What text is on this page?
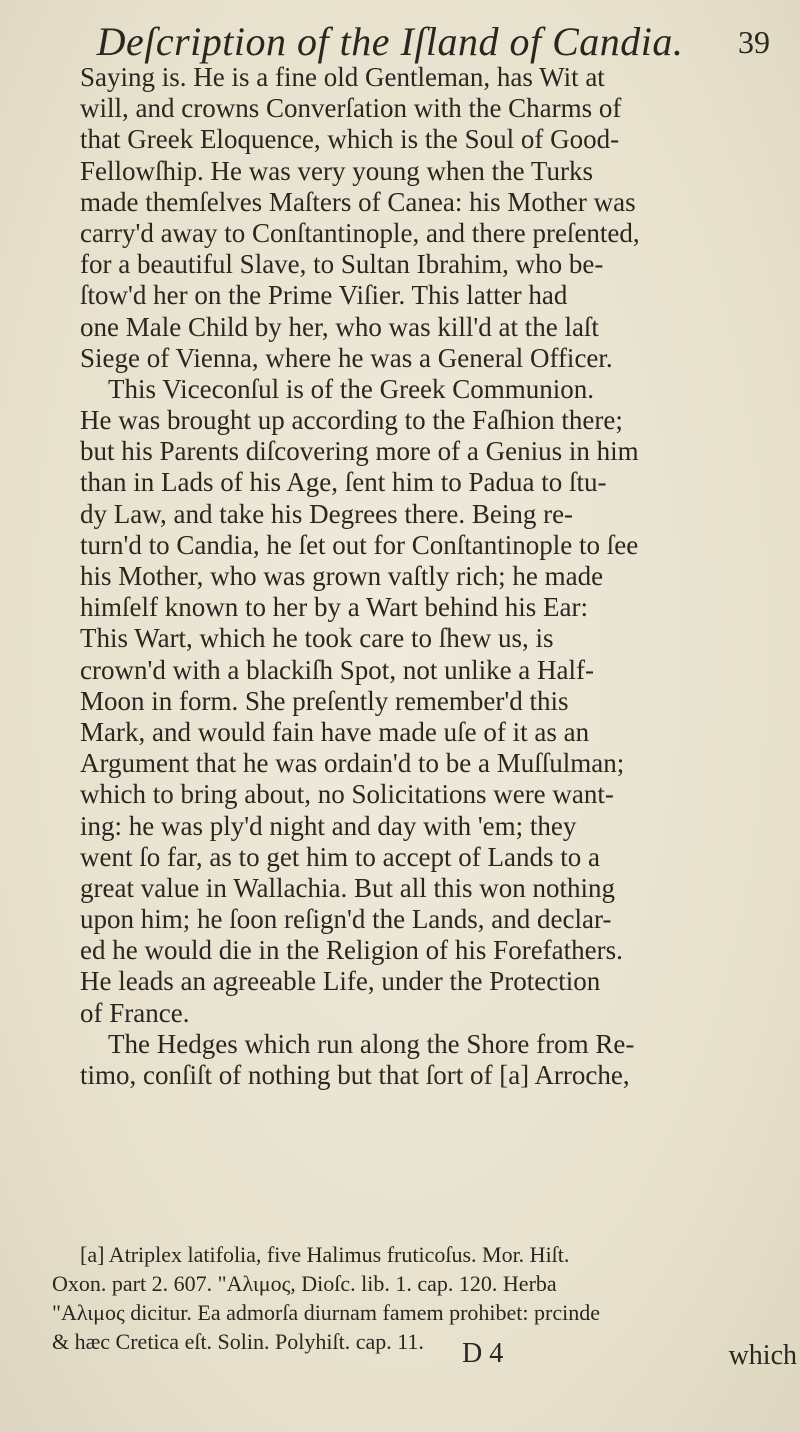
Deſcription of the Iſland of Candia.	39
Saying is. He is a fine old Gentleman, has Wit at
will, and crowns Converſation with the Charms of
that Greek Eloquence, which is the Soul of Good-
Fellowſhip. He was very young when the Turks
made themſelves Maſters of Canea: his Mother was
carry'd away to Conſtantinople, and there preſented,
for a beautiful Slave, to Sultan Ibrahim, who be-
ſtow'd her on the Prime Viſier. This latter had
one Male Child by her, who was kill'd at the laſt
Siege of Vienna, where he was a General Officer.
This Viceconſul is of the Greek Communion.
He was brought up according to the Faſhion there;
but his Parents diſcovering more of a Genius in him
than in Lads of his Age, ſent him to Padua to ſtu-
dy Law, and take his Degrees there. Being re-
turn'd to Candia, he ſet out for Conſtantinople to ſee
his Mother, who was grown vaſtly rich; he made
himſelf known to her by a Wart behind his Ear:
This Wart, which he took care to ſhew us, is
crown'd with a blackiſh Spot, not unlike a Half-
Moon in form. She preſently remember'd this
Mark, and would fain have made uſe of it as an
Argument that he was ordain'd to be a Muſſulman;
which to bring about, no Solicitations were want-
ing: he was ply'd night and day with 'em; they
went ſo far, as to get him to accept of Lands to a
great value in Wallachia. But all this won nothing
upon him; he ſoon reſign'd the Lands, and declar-
ed he would die in the Religion of his Forefathers.
He leads an agreeable Life, under the Protection
of France.
The Hedges which run along the Shore from Re-
timo, conſiſt of nothing but that ſort of [a] Arroche,
[a] Atriplex latifolia, five Halimus fruticoſus. Mor. Hiſt.
Oxon. part 2. 607. "Αλιμος, Dioſc. lib. 1. cap. 120. Herba
"Αλιμος dicitur. Ea admorſa diurnam famem prohibet: prcinde
& hæc Cretica eſt. Solin. Polyhiſt. cap. 11.	D 4	which
